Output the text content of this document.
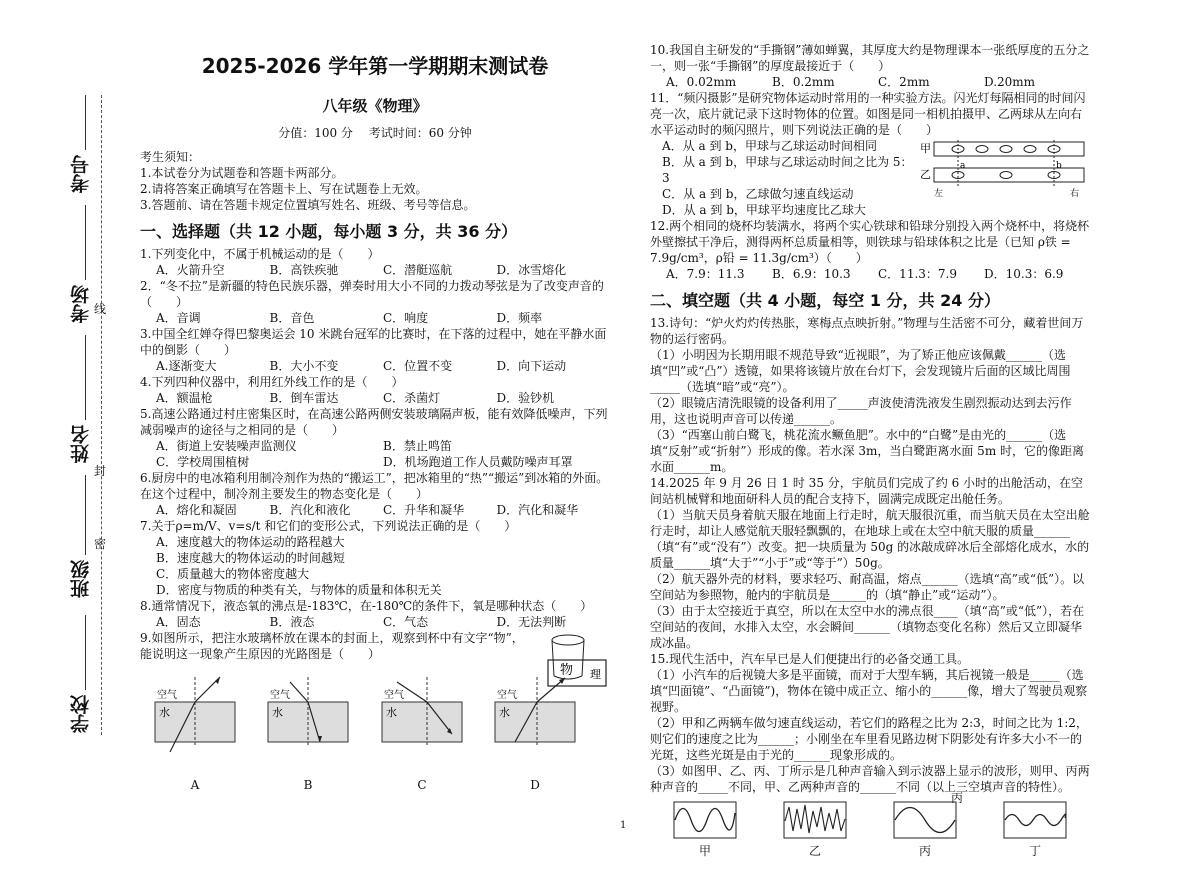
考号
考场
姓名
班级
学校
线
封
密

2025-2026 学年第一学期期末测试卷

八年级《物理》

分值：100 分　 考试时间：60 分钟

考生须知：

1.本试卷分为试题卷和答题卡两部分。

2.请将答案正确填写在答题卡上、写在试题卷上无效。

3.答题前、请在答题卡规定位置填写姓名、班级、考号等信息。

一、选择题（共 12 小题，每小题 3 分，共 36 分）

1.下列变化中，不属于机械运动的是（　　）

A．火箭升空	B．高铁疾驰	C．潜艇巡航	D．冰雪熔化

2．“冬不拉”是新疆的特色民族乐器，弹奏时用大小不同的力拨动琴弦是为了改变声音的（　　）

A．音调	B．音色	C．响度	D．频率

3.中国全红婵夺得巴黎奥运会 10 米跳台冠军的比赛时，在下落的过程中，她在平静水面中的倒影（　　）

A.逐渐变大	B．大小不变	C．位置不变	D．向下运动

4.下列四种仪器中，利用红外线工作的是（　　）

A．额温枪	B．倒车雷达	C．杀菌灯	D．验钞机

5.高速公路通过村庄密集区时，在高速公路两侧安装玻璃隔声板，能有效降低噪声，下列减弱噪声的途径与之相同的是（　　）

A．街道上安装噪声监测仪	B．禁止鸣笛
C．学校周围植树	D．机场跑道工作人员戴防噪声耳罩

6.厨房中的电冰箱利用制冷剂作为热的“搬运工”，把冰箱里的“热”“搬运”到冰箱的外面。在这个过程中，制冷剂主要发生的物态变化是（　　）

A．熔化和凝固	B．汽化和液化	C．升华和凝华	D．汽化和凝华

7.关于ρ=m/V、v=s/t 和它们的变形公式，下列说法正确的是（　　）

A．速度越大的物体运动的路程越大

B．速度越大的物体运动的时间越短

C．质量越大的物体密度越大

D．密度与物质的种类有关，与物体的质量和体积无关

8.通常情况下，液态氧的沸点是-183℃，在-180℃的条件下，氧是哪种状态（　　）

A．固态	B．液态	C．气态	D．无法判断
物 理

9.如图所示，把注水玻璃杯放在课本的封面上，观察到杯中有文字“物”，能说明这一现象产生原因的光路图是（　　）

空气
水
A
空气
水
B
空气
水
C
空气
水
D
1

10.我国自主研发的“手撕钢”薄如蝉翼，其厚度大约是物理课本一张纸厚度的五分之一，则一张“手撕钢”的厚度最接近于（　　）

A．0.02mm	B．0.2mm	C．2mm	D.20mm

11．“频闪摄影”是研究物体运动时常用的一种实验方法。闪光灯每隔相同的时间闪亮一次，底片就记录下这时物体的位置。如图是同一相机拍摄甲、乙两球从左向右水平运动时的频闪照片，则下列说法正确的是（　　）

A．从 a 到 b，甲球与乙球运动时间相同

B．从 a 到 b，甲球与乙球运动时间之比为 5：3

C．从 a 到 b，乙球做匀速直线运动

D．从 a 到 b，甲球平均速度比乙球大

甲
乙
a	b
左	右

12.两个相同的烧杯均装满水，将两个实心铁球和铅球分别投入两个烧杯中，将烧杯外壁擦拭干净后，测得两杯总质量相等，则铁球与铅球体积之比是（已知 ρ铁 = 7.9g/cm³，ρ铅 = 11.3g/cm³）（　　）

A．7.9：11.3	B．6.9：10.3	C．11.3：7.9	D．10.3：6.9

二、填空题（共 4 小题，每空 1 分，共 24 分）

13.诗句：“炉火灼灼传热胀，寒梅点点映折射。”物理与生活密不可分，藏着世间万物的运行密码。

（1）小明因为长期用眼不规范导致“近视眼”，为了矫正他应该佩戴______（选填“凹”或“凸”）透镜，如果将该镜片放在台灯下，会发现镜片后面的区域比周围_____（选填“暗”或“亮”）。

（2）眼镜店清洗眼镜的设备利用了_____声波使清洗液发生剧烈振动达到去污作用，这也说明声音可以传递______。

（3）“西塞山前白鹭飞，桃花流水鳜鱼肥”。水中的“白鹭”是由光的______（选填“反射”或“折射”）形成的像。若水深 3m，当白鹭距离水面 5m 时，它的像距离水面______m。

14.2025 年 9 月 26 日 1 时 35 分，宇航员们完成了约 6 小时的出舱活动，在空间站机械臂和地面研科人员的配合支持下，圆满完成既定出舱任务。

（1）当航天员身着航天服在地面上行走时，航天服很沉重，而当航天员在太空出舱行走时，却让人感觉航天服轻飘飘的，在地球上或在太空中航天服的质量______（填“有”或“没有”）改变。把一块质量为 50g 的冰敲成碎冰后全部熔化成水，水的质量______填“大于”“小于”或“等于”）50g。

（2）航天器外壳的材料，要求轻巧、耐高温，熔点______（选填“高”或“低”）。以空间站为参照物，舱内的宇航员是______的（填“静止”或“运动”）。

（3）由于太空接近于真空，所以在太空中水的沸点很____（填“高”或“低”），若在空间站的夜间，水排入太空，水会瞬间______（填物态变化名称）然后又立即凝华成冰晶。

15.现代生活中，汽车早已是人们便捷出行的必备交通工具。

（1）小汽车的后视镜大多是平面镜，而对于大型车辆，其后视镜一般是_____（选填“凹面镜”、“凸面镜”)，物体在镜中成正立、缩小的______像，增大了驾驶员观察视野。

（2）甲和乙两辆车做匀速直线运动，若它们的路程之比为 2:3，时间之比为 1:2，则它们的速度之比为______；小刚坐在车里看见路边树下阴影处有许多大小不一的光斑，这些光斑是由于光的______现象形成的。

（3）如图甲、乙、丙、丁所示是几种声音输入到示波器上显示的波形，则甲、丙两种声音的_____不同，甲、乙两种声音的______不同（以上三空填声音的特性）。

甲	乙
丙
丙	丁
